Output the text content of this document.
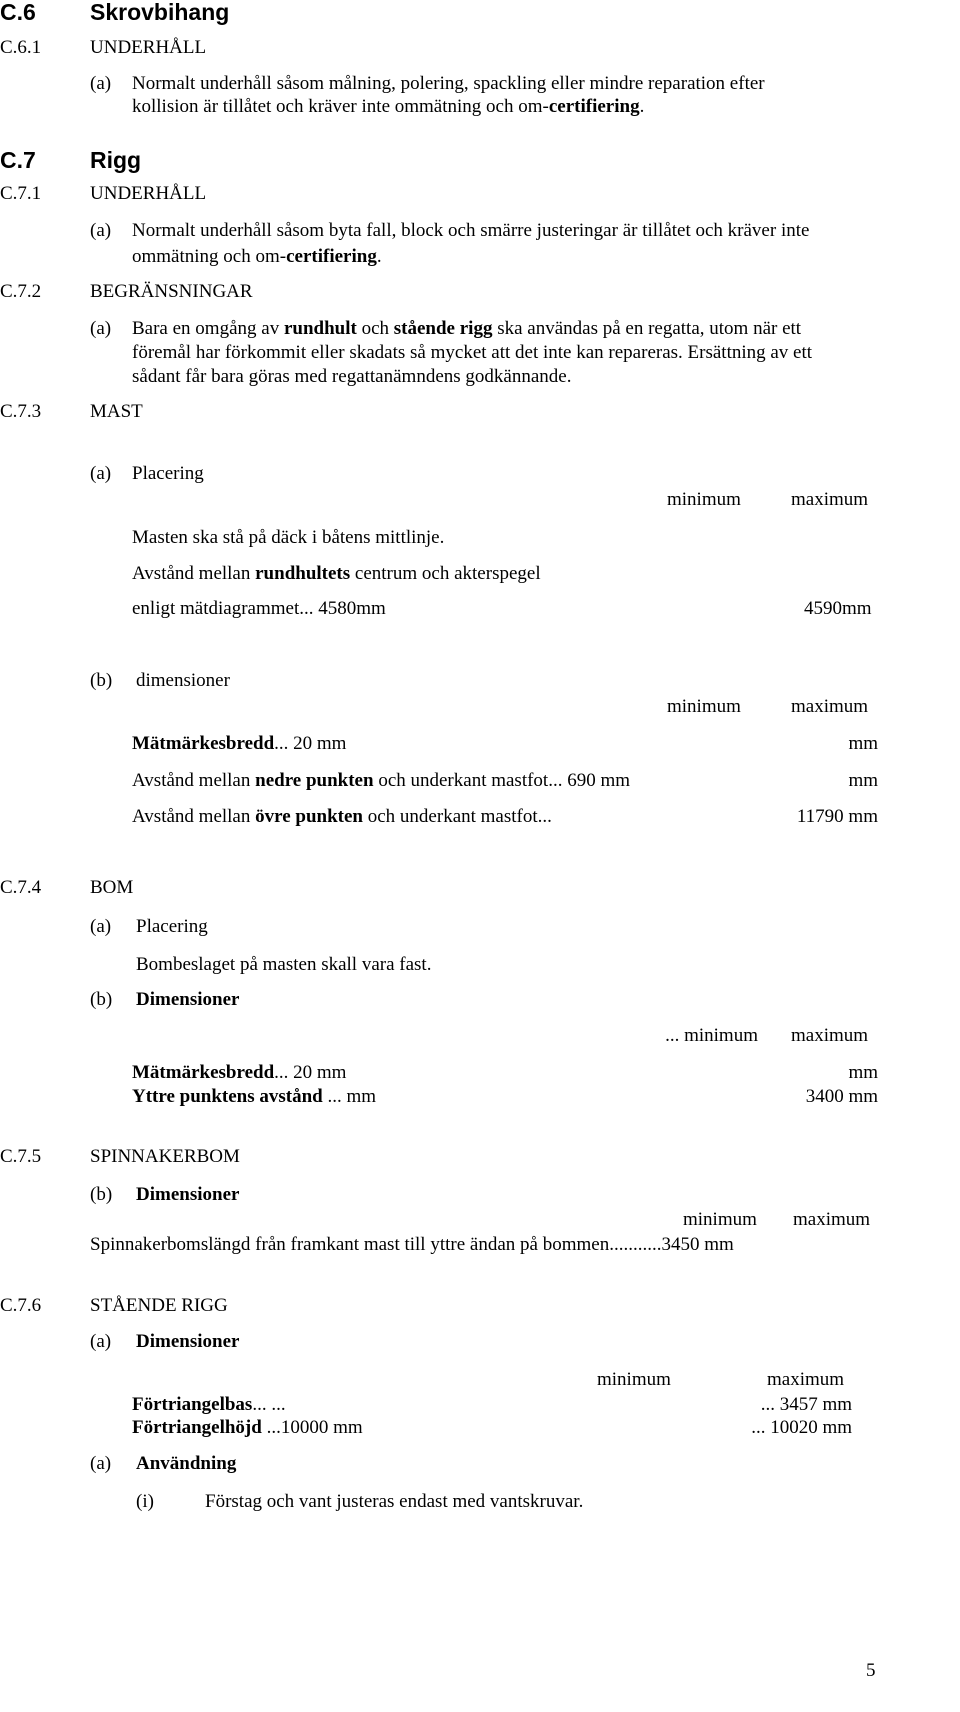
C.6 Skrovbihang
C.6.1	UNDERHÅLL
(a) Normalt underhåll såsom målning, polering, spackling eller mindre reparation efter
kollision är tillåtet och kräver inte ommätning och om-certifiering.
C.7 Rigg
C.7.1	UNDERHÅLL
(a) Normalt underhåll såsom byta fall, block och smärre justeringar är tillåtet och kräver inte
ommätning och om-certifiering.
C.7.2	BEGRÄNSNINGAR
(a) Bara en omgång av rundhult och stående rigg ska användas på en regatta, utom när ett
föremål har förkommit eller skadats så mycket att det inte kan repareras. Ersättning av ett
sådant får bara göras med regattanämndens godkännande.
C.7.3	MAST
(a) Placering
minimum	maximum
Masten ska stå på däck i båtens mittlinje.
Avstånd mellan rundhultets centrum och akterspegel
enligt mätdiagrammet... 4580mm	4590mm
(b) dimensioner
minimum	maximum
Mätmärkesbredd... 20 mm	mm
Avstånd mellan nedre punkten och underkant mastfot... 690 mm	mm
Avstånd mellan övre punkten och underkant mastfot...	11790 mm
C.7.4	BOM
(a) Placering
Bombeslaget på masten skall vara fast.
(b) Dimensioner
... minimum maximum
Mätmärkesbredd... 20 mm	mm
Yttre punktens avstånd ... mm	3400 mm
C.7.5	SPINNAKERBOM
(b) Dimensioner
minimum maximum
Spinnakerbomslängd från framkant mast till yttre ändan på bommen...........3450 mm
C.7.6	STÅENDE RIGG
(a) Dimensioner
minimum	maximum
Förtriangelbas... ...	... 3457 mm
Förtriangelhöjd ...10000 mm	... 10020 mm
(a) Användning
(i)	Förstag och vant justeras endast med vantskruvar.
5
